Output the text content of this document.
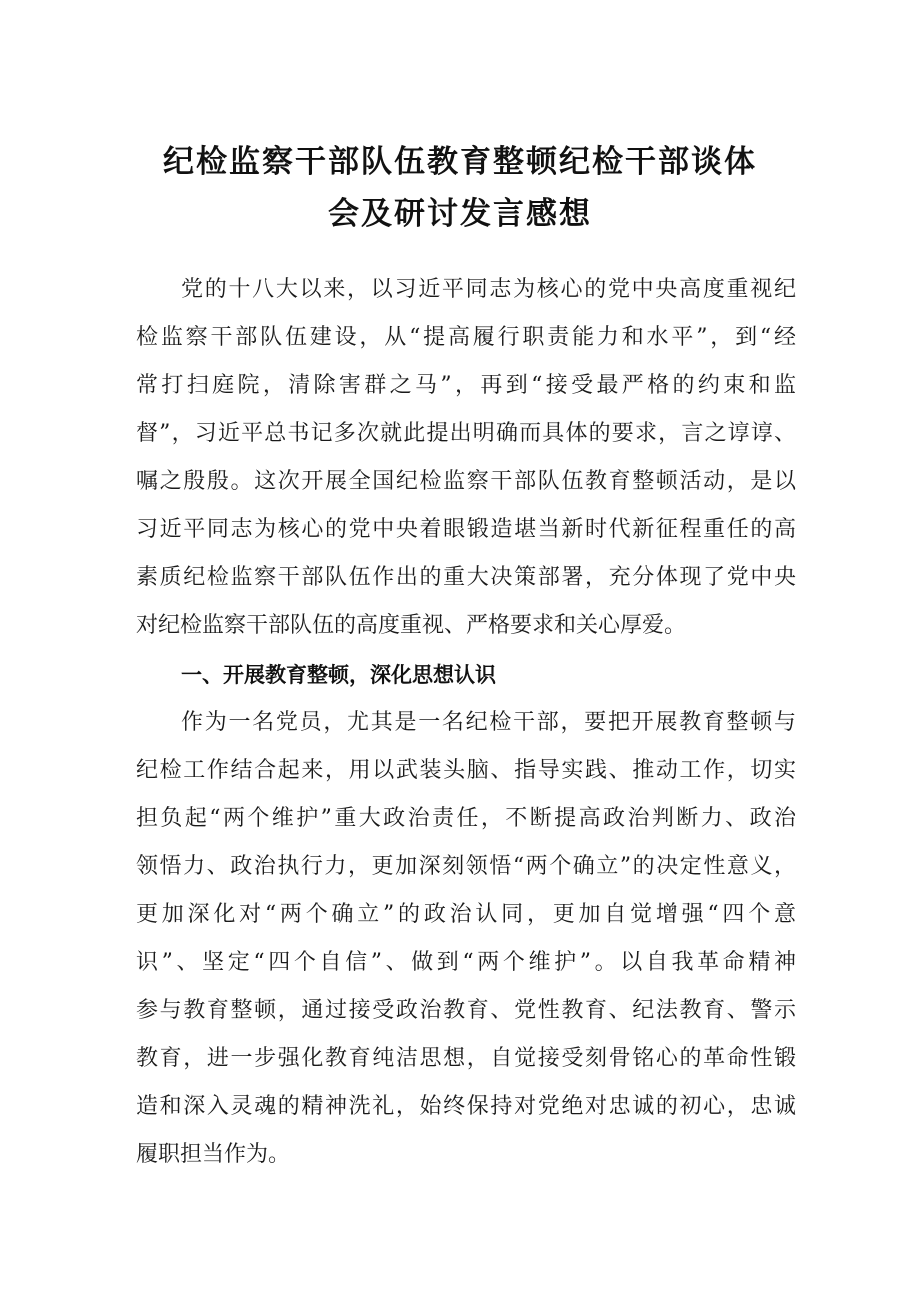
纪检监察干部队伍教育整顿纪检干部谈体
会及研讨发言感想
党的十八大以来，以习近平同志为核心的党中央高度重视纪
检监察干部队伍建设，从“提高履行职责能力和水平”，到“经
常打扫庭院，清除害群之马”，再到“接受最严格的约束和监
督”，习近平总书记多次就此提出明确而具体的要求，言之谆谆、
嘱之殷殷。这次开展全国纪检监察干部队伍教育整顿活动，是以
习近平同志为核心的党中央着眼锻造堪当新时代新征程重任的高
素质纪检监察干部队伍作出的重大决策部署，充分体现了党中央
对纪检监察干部队伍的高度重视、严格要求和关心厚爱。
一、开展教育整顿，深化思想认识
作为一名党员，尤其是一名纪检干部，要把开展教育整顿与
纪检工作结合起来，用以武装头脑、指导实践、推动工作，切实
担负起“两个维护”重大政治责任，不断提高政治判断力、政治
领悟力、政治执行力，更加深刻领悟“两个确立”的决定性意义，
更加深化对“两个确立”的政治认同，更加自觉增强“四个意
识”、坚定“四个自信”、做到“两个维护”。以自我革命精神
参与教育整顿，通过接受政治教育、党性教育、纪法教育、警示
教育，进一步强化教育纯洁思想，自觉接受刻骨铭心的革命性锻
造和深入灵魂的精神洗礼，始终保持对党绝对忠诚的初心，忠诚
履职担当作为。
